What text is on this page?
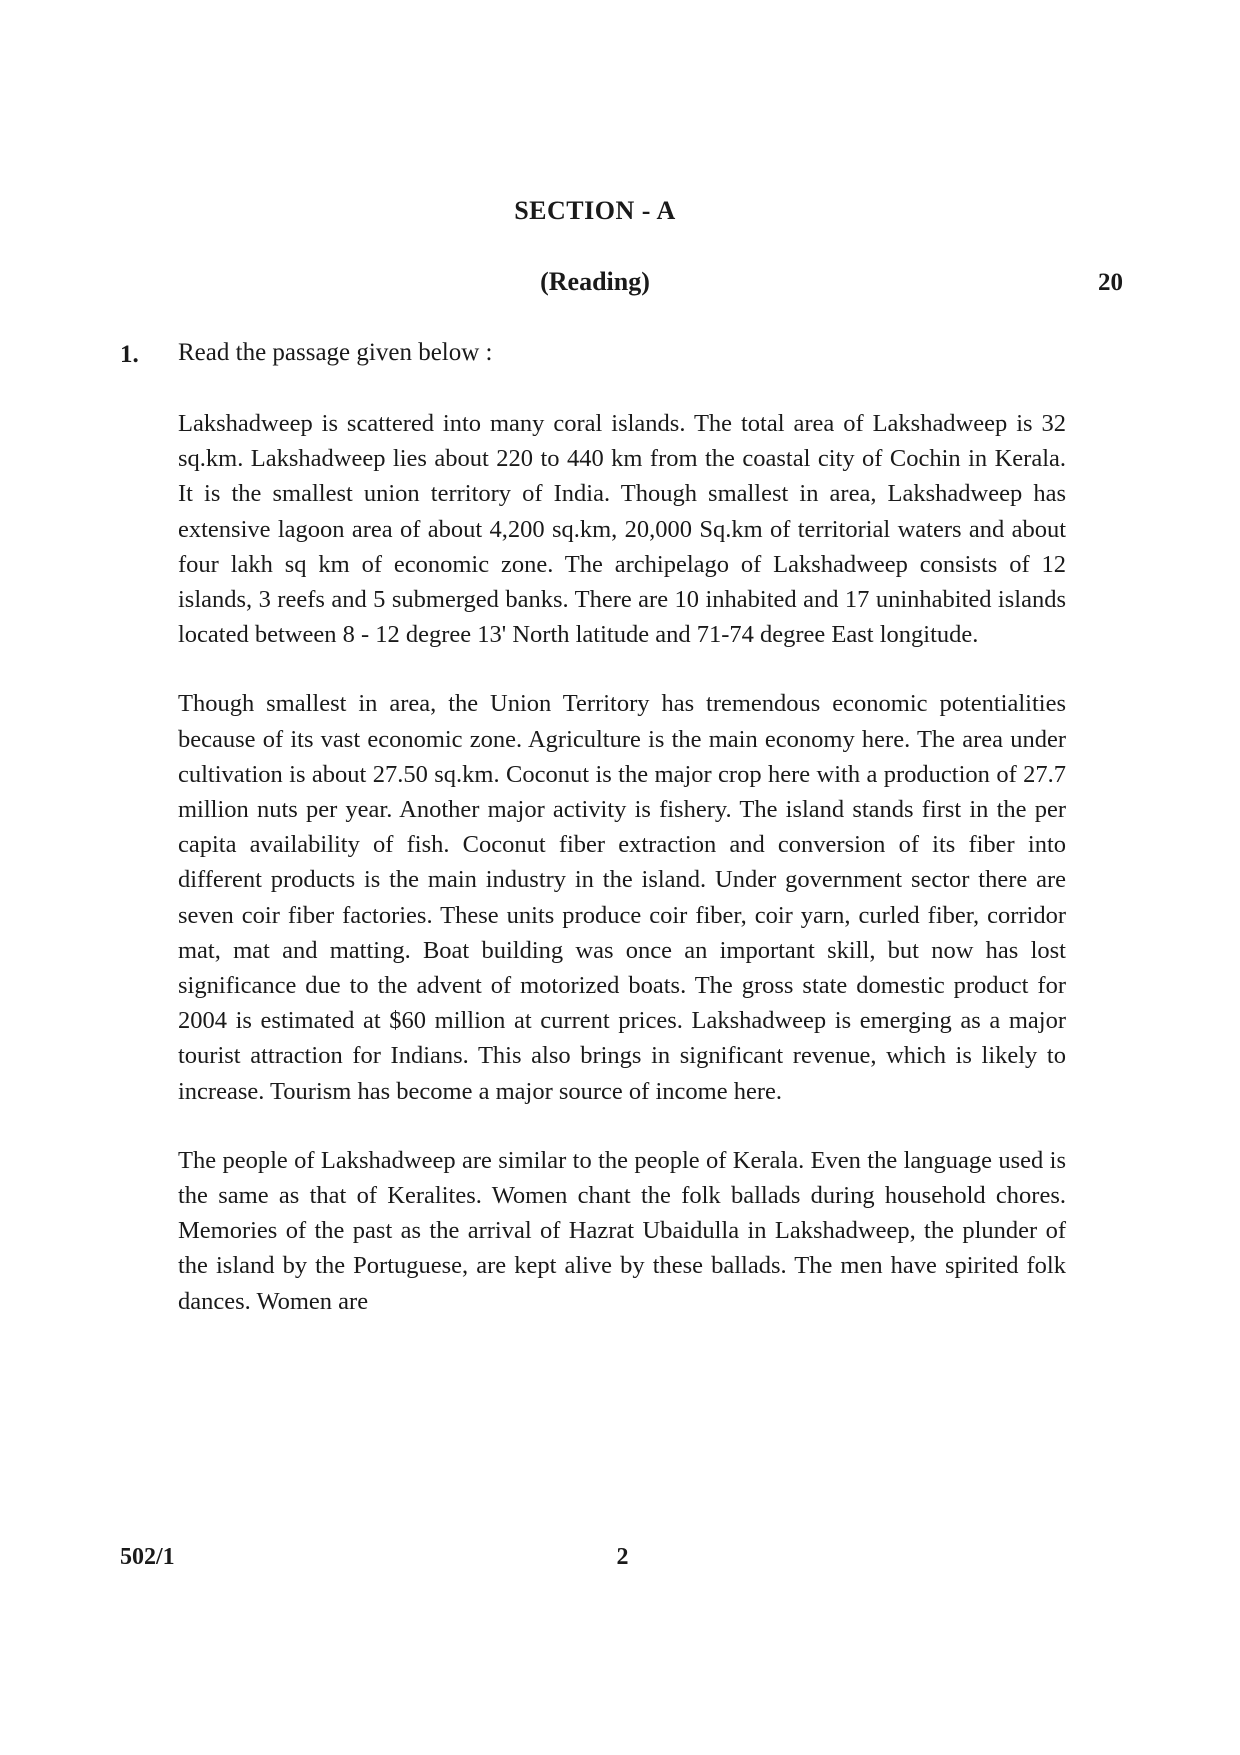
SECTION - A
(Reading)	20
1. Read the passage given below :

Lakshadweep is scattered into many coral islands. The total area of Lakshadweep is 32 sq.km. Lakshadweep lies about 220 to 440 km from the coastal city of Cochin in Kerala. It is the smallest union territory of India. Though smallest in area, Lakshadweep has extensive lagoon area of about 4,200 sq.km, 20,000 Sq.km of territorial waters and about four lakh sq km of economic zone. The archipelago of Lakshadweep consists of 12 islands, 3 reefs and 5 submerged banks. There are 10 inhabited and 17 uninhabited islands located between 8 - 12 degree 13' North latitude and 71-74 degree East longitude.

Though smallest in area, the Union Territory has tremendous economic potentialities because of its vast economic zone. Agriculture is the main economy here. The area under cultivation is about 27.50 sq.km. Coconut is the major crop here with a production of 27.7 million nuts per year. Another major activity is fishery. The island stands first in the per capita availability of fish. Coconut fiber extraction and conversion of its fiber into different products is the main industry in the island. Under government sector there are seven coir fiber factories. These units produce coir fiber, coir yarn, curled fiber, corridor mat, mat and matting. Boat building was once an important skill, but now has lost significance due to the advent of motorized boats. The gross state domestic product for 2004 is estimated at $60 million at current prices. Lakshadweep is emerging as a major tourist attraction for Indians. This also brings in significant revenue, which is likely to increase. Tourism has become a major source of income here.

The people of Lakshadweep are similar to the people of Kerala. Even the language used is the same as that of Keralites. Women chant the folk ballads during household chores. Memories of the past as the arrival of Hazrat Ubaidulla in Lakshadweep, the plunder of the island by the Portuguese, are kept alive by these ballads. The men have spirited folk dances. Women are

502/1	2
